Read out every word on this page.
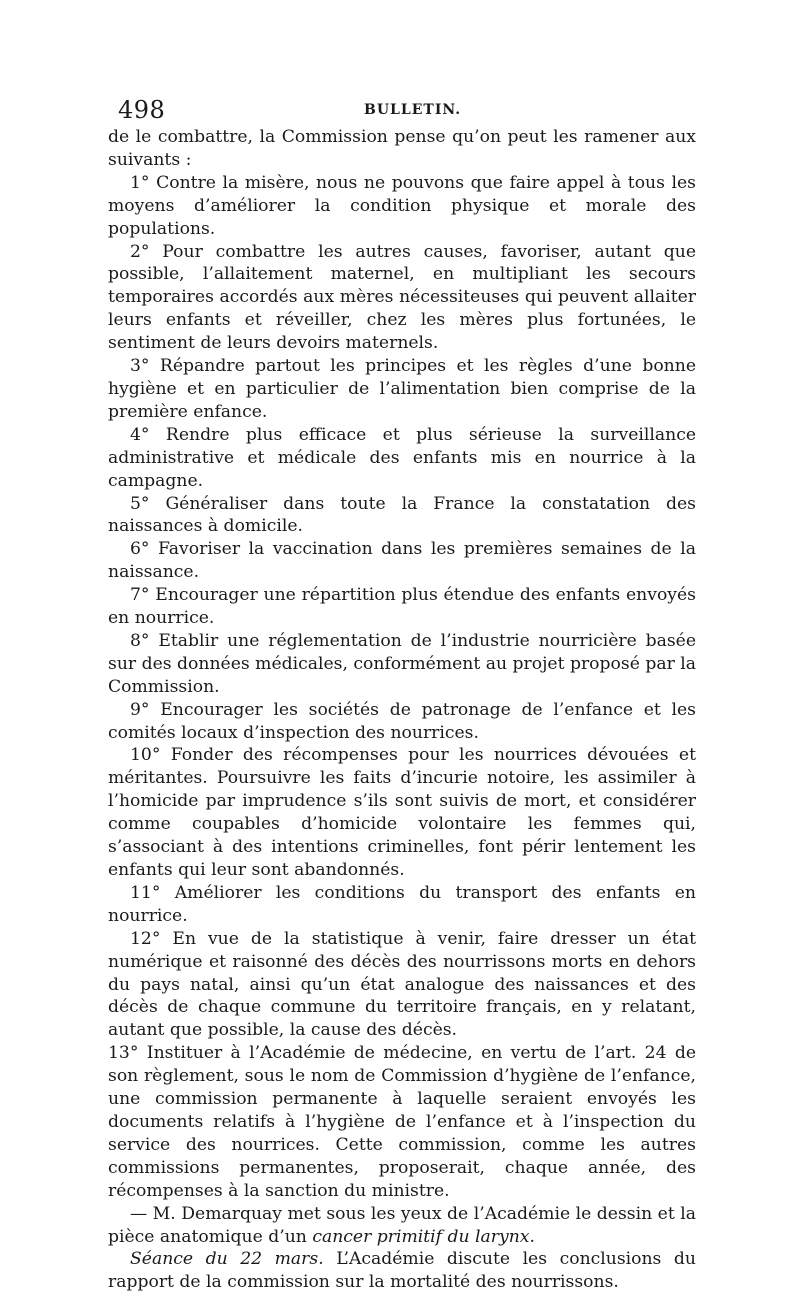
498	BULLETIN.

de le combattre, la Commission pense qu’on peut les ramener aux suivants :

1° Contre la misère, nous ne pouvons que faire appel à tous les moyens d’améliorer la condition physique et morale des populations.

2° Pour combattre les autres causes, favoriser, autant que possible, l’allaitement maternel, en multipliant les secours temporaires accordés aux mères nécessiteuses qui peuvent allaiter leurs enfants et réveiller, chez les mères plus fortunées, le sentiment de leurs devoirs maternels.

3° Répandre partout les principes et les règles d’une bonne hygiène et en particulier de l’alimentation bien comprise de la première enfance.

4° Rendre plus efficace et plus sérieuse la surveillance administrative et médicale des enfants mis en nourrice à la campagne.

5° Généraliser dans toute la France la constatation des naissances à domicile.

6° Favoriser la vaccination dans les premières semaines de la naissance.

7° Encourager une répartition plus étendue des enfants envoyés en nourrice.

8° Etablir une réglementation de l’industrie nourricière basée sur des données médicales, conformément au projet proposé par la Commission.

9° Encourager les sociétés de patronage de l’enfance et les comités locaux d’inspection des nourrices.

10° Fonder des récompenses pour les nourrices dévouées et méritantes. Poursuivre les faits d’incurie notoire, les assimiler à l’homicide par imprudence s’ils sont suivis de mort, et considérer comme coupables d’homicide volontaire les femmes qui, s’associant à des intentions criminelles, font périr lentement les enfants qui leur sont abandonnés.

11° Améliorer les conditions du transport des enfants en nourrice.

12° En vue de la statistique à venir, faire dresser un état numérique et raisonné des décès des nourrissons morts en dehors du pays natal, ainsi qu’un état analogue des naissances et des décès de chaque commune du territoire français, en y relatant, autant que possible, la cause des décès.

13° Instituer à l’Académie de médecine, en vertu de l’art. 24 de son règlement, sous le nom de Commission d’hygiène de l’enfance, une commission permanente à laquelle seraient envoyés les documents relatifs à l’hygiène de l’enfance et à l’inspection du service des nourrices. Cette commission, comme les autres commissions permanentes, proposerait, chaque année, des récompenses à la sanction du ministre.

— M. Demarquay met sous les yeux de l’Académie le dessin et la pièce anatomique d’un cancer primitif du larynx.

Séance du 22 mars. L’Académie discute les conclusions du rapport de la commission sur la mortalité des nourrissons.
